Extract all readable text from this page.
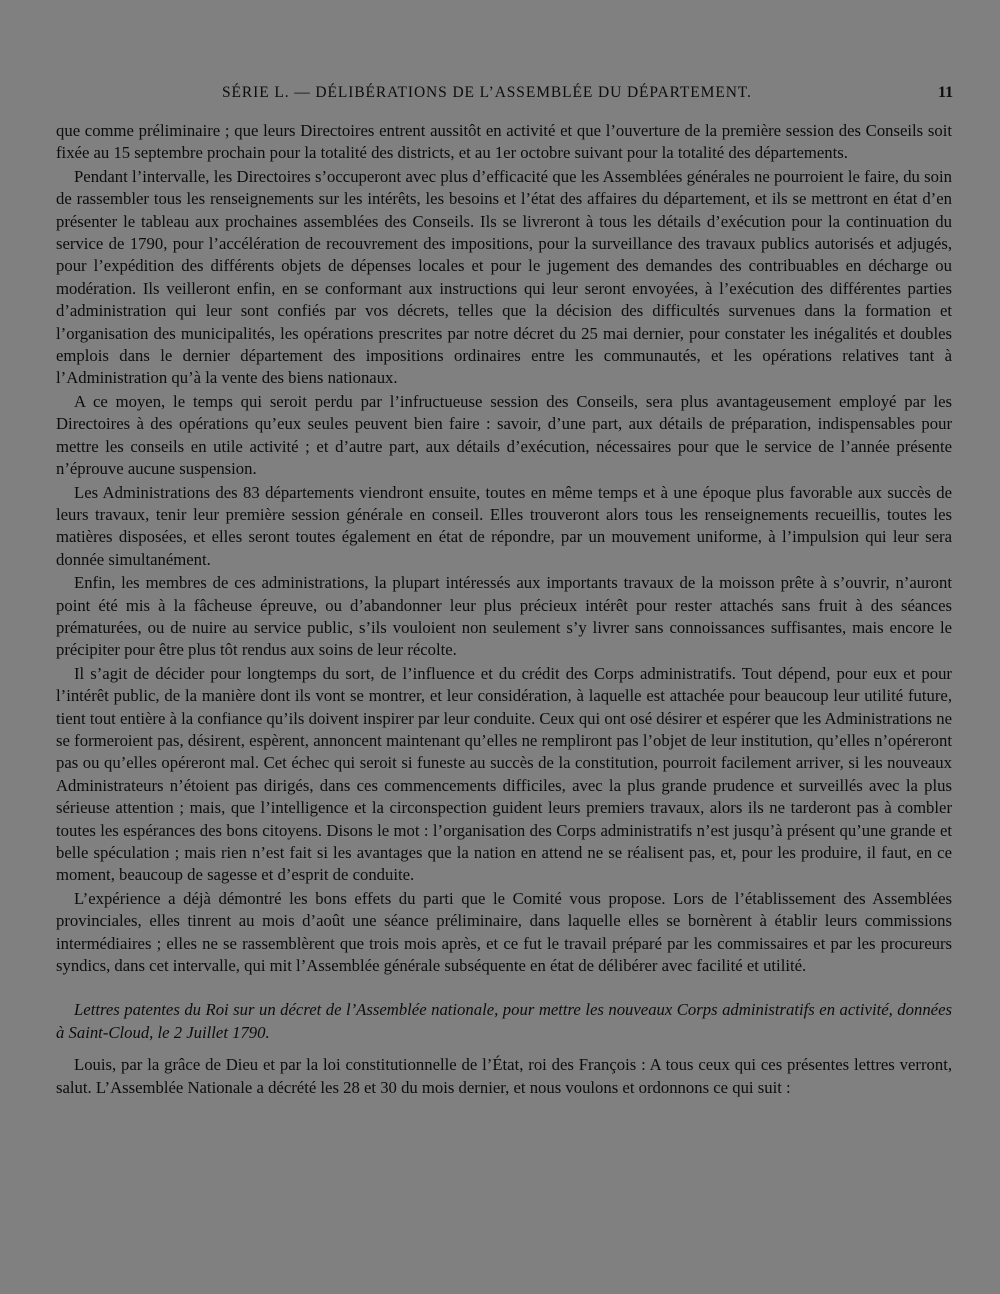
SÉRIE L. — DÉLIBÉRATIONS DE L’ASSEMBLÉE DU DÉPARTEMENT.	11

que comme préliminaire ; que leurs Directoires entrent aussitôt en activité et que l’ouverture de la première session des Conseils soit fixée au 15 septembre prochain pour la totalité des districts, et au 1er octobre suivant pour la totalité des départements.

Pendant l’intervalle, les Directoires s’occuperont avec plus d’efficacité que les Assemblées générales ne pourroient le faire, du soin de rassembler tous les renseignements sur les intérêts, les besoins et l’état des affaires du département, et ils se mettront en état d’en présenter le tableau aux prochaines assemblées des Conseils. Ils se livreront à tous les détails d’exécution pour la continuation du service de 1790, pour l’accélération de recouvrement des impositions, pour la surveillance des travaux publics autorisés et adjugés, pour l’expédition des différents objets de dépenses locales et pour le jugement des demandes des contribuables en décharge ou modération. Ils veilleront enfin, en se conformant aux instructions qui leur seront envoyées, à l’exécution des différentes parties d’administration qui leur sont confiés par vos décrets, telles que la décision des difficultés survenues dans la formation et l’organisation des municipalités, les opérations prescrites par notre décret du 25 mai dernier, pour constater les inégalités et doubles emplois dans le dernier département des impositions ordinaires entre les communautés, et les opérations relatives tant à l’Administration qu’à la vente des biens nationaux.

A ce moyen, le temps qui seroit perdu par l’infructueuse session des Conseils, sera plus avantageusement employé par les Directoires à des opérations qu’eux seules peuvent bien faire : savoir, d’une part, aux détails de préparation, indispensables pour mettre les conseils en utile activité ; et d’autre part, aux détails d’exécution, nécessaires pour que le service de l’année présente n’éprouve aucune suspension.

Les Administrations des 83 départements viendront ensuite, toutes en même temps et à une époque plus favorable aux succès de leurs travaux, tenir leur première session générale en conseil. Elles trouveront alors tous les renseignements recueillis, toutes les matières disposées, et elles seront toutes également en état de répondre, par un mouvement uniforme, à l’impulsion qui leur sera donnée simultanément.

Enfin, les membres de ces administrations, la plupart intéressés aux importants travaux de la moisson prête à s’ouvrir, n’auront point été mis à la fâcheuse épreuve, ou d’abandonner leur plus précieux intérêt pour rester attachés sans fruit à des séances prématurées, ou de nuire au service public, s’ils vouloient non seulement s’y livrer sans connoissances suffisantes, mais encore le précipiter pour être plus tôt rendus aux soins de leur récolte.

Il s’agit de décider pour longtemps du sort, de l’influence et du crédit des Corps administratifs. Tout dépend, pour eux et pour l’intérêt public, de la manière dont ils vont se montrer, et leur considération, à laquelle est attachée pour beaucoup leur utilité future, tient tout entière à la confiance qu’ils doivent inspirer par leur conduite. Ceux qui ont osé désirer et espérer que les Administrations ne se formeroient pas, désirent, espèrent, annoncent maintenant qu’elles ne rempliront pas l’objet de leur institution, qu’elles n’opéreront pas ou qu’elles opéreront mal. Cet échec qui seroit si funeste au succès de la constitution, pourroit facilement arriver, si les nouveaux Administrateurs n’étoient pas dirigés, dans ces commencements difficiles, avec la plus grande prudence et surveillés avec la plus sérieuse attention ; mais, que l’intelligence et la circonspection guident leurs premiers travaux, alors ils ne tarderont pas à combler toutes les espérances des bons citoyens. Disons le mot : l’organisation des Corps administratifs n’est jusqu’à présent qu’une grande et belle spéculation ; mais rien n’est fait si les avantages que la nation en attend ne se réalisent pas, et, pour les produire, il faut, en ce moment, beaucoup de sagesse et d’esprit de conduite.

L’expérience a déjà démontré les bons effets du parti que le Comité vous propose. Lors de l’établissement des Assemblées provinciales, elles tinrent au mois d’août une séance préliminaire, dans laquelle elles se bornèrent à établir leurs commissions intermédiaires ; elles ne se rassemblèrent que trois mois après, et ce fut le travail préparé par les commissaires et par les procureurs syndics, dans cet intervalle, qui mit l’Assemblée générale subséquente en état de délibérer avec facilité et utilité.

Lettres patentes du Roi sur un décret de l’Assemblée nationale, pour mettre les nouveaux Corps administratifs en activité, données à Saint-Cloud, le 2 Juillet 1790.

Louis, par la grâce de Dieu et par la loi constitutionnelle de l’État, roi des François : A tous ceux qui ces présentes lettres verront, salut. L’Assemblée Nationale a décrété les 28 et 30 du mois dernier, et nous voulons et ordonnons ce qui suit :
